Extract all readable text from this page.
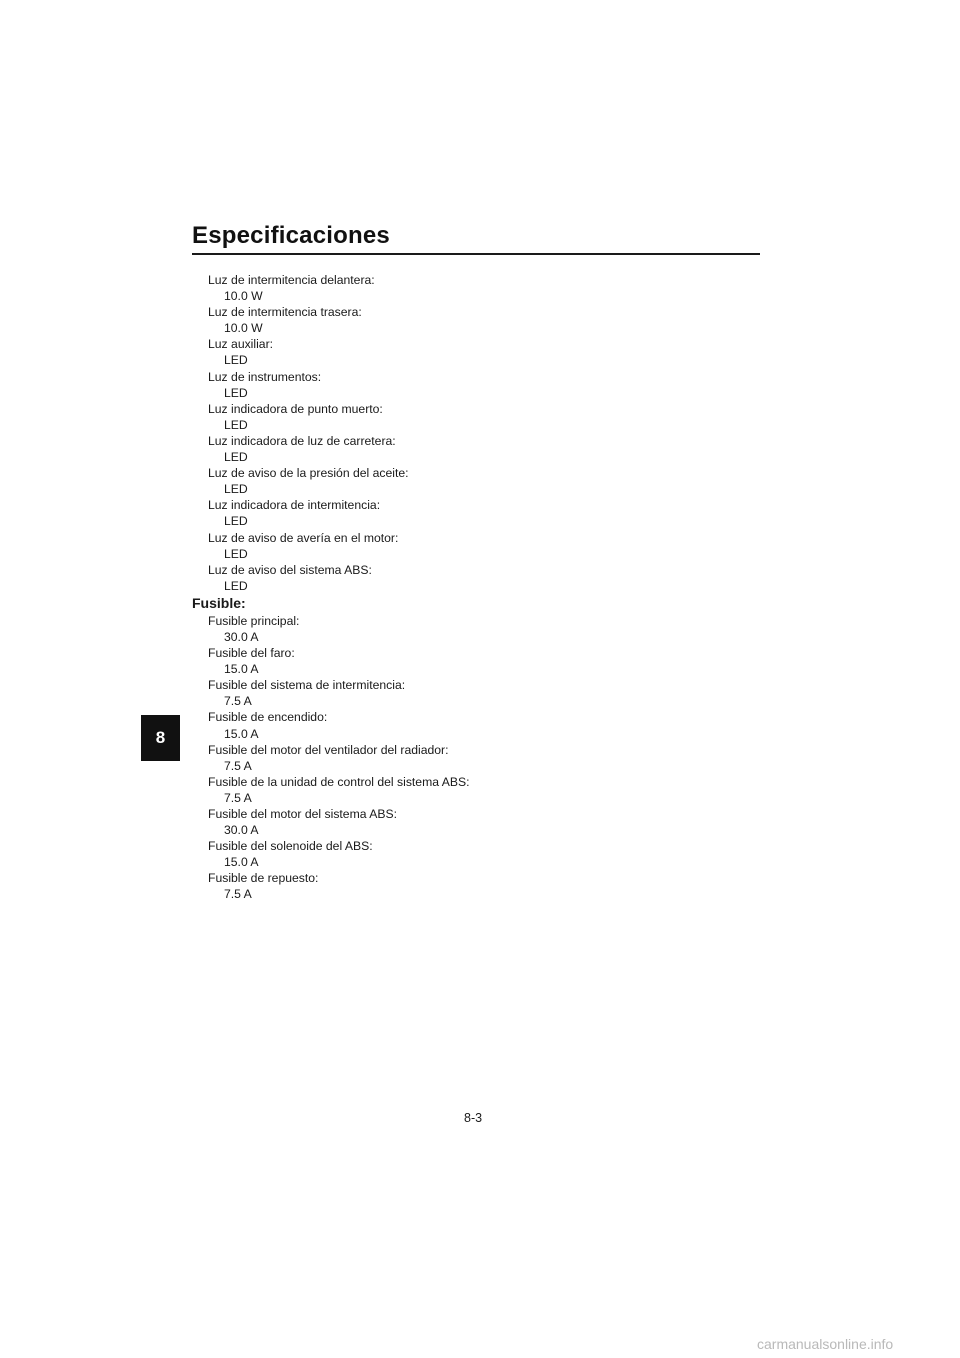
Especificaciones
8
Luz de intermitencia delantera:
10.0 W
Luz de intermitencia trasera:
10.0 W
Luz auxiliar:
LED
Luz de instrumentos:
LED
Luz indicadora de punto muerto:
LED
Luz indicadora de luz de carretera:
LED
Luz de aviso de la presión del aceite:
LED
Luz indicadora de intermitencia:
LED
Luz de aviso de avería en el motor:
LED
Luz de aviso del sistema ABS:
LED
Fusible:
Fusible principal:
30.0 A
Fusible del faro:
15.0 A
Fusible del sistema de intermitencia:
7.5 A
Fusible de encendido:
15.0 A
Fusible del motor del ventilador del radiador:
7.5 A
Fusible de la unidad de control del sistema ABS:
7.5 A
Fusible del motor del sistema ABS:
30.0 A
Fusible del solenoide del ABS:
15.0 A
Fusible de repuesto:
7.5 A
8-3
carmanualsonline.info
